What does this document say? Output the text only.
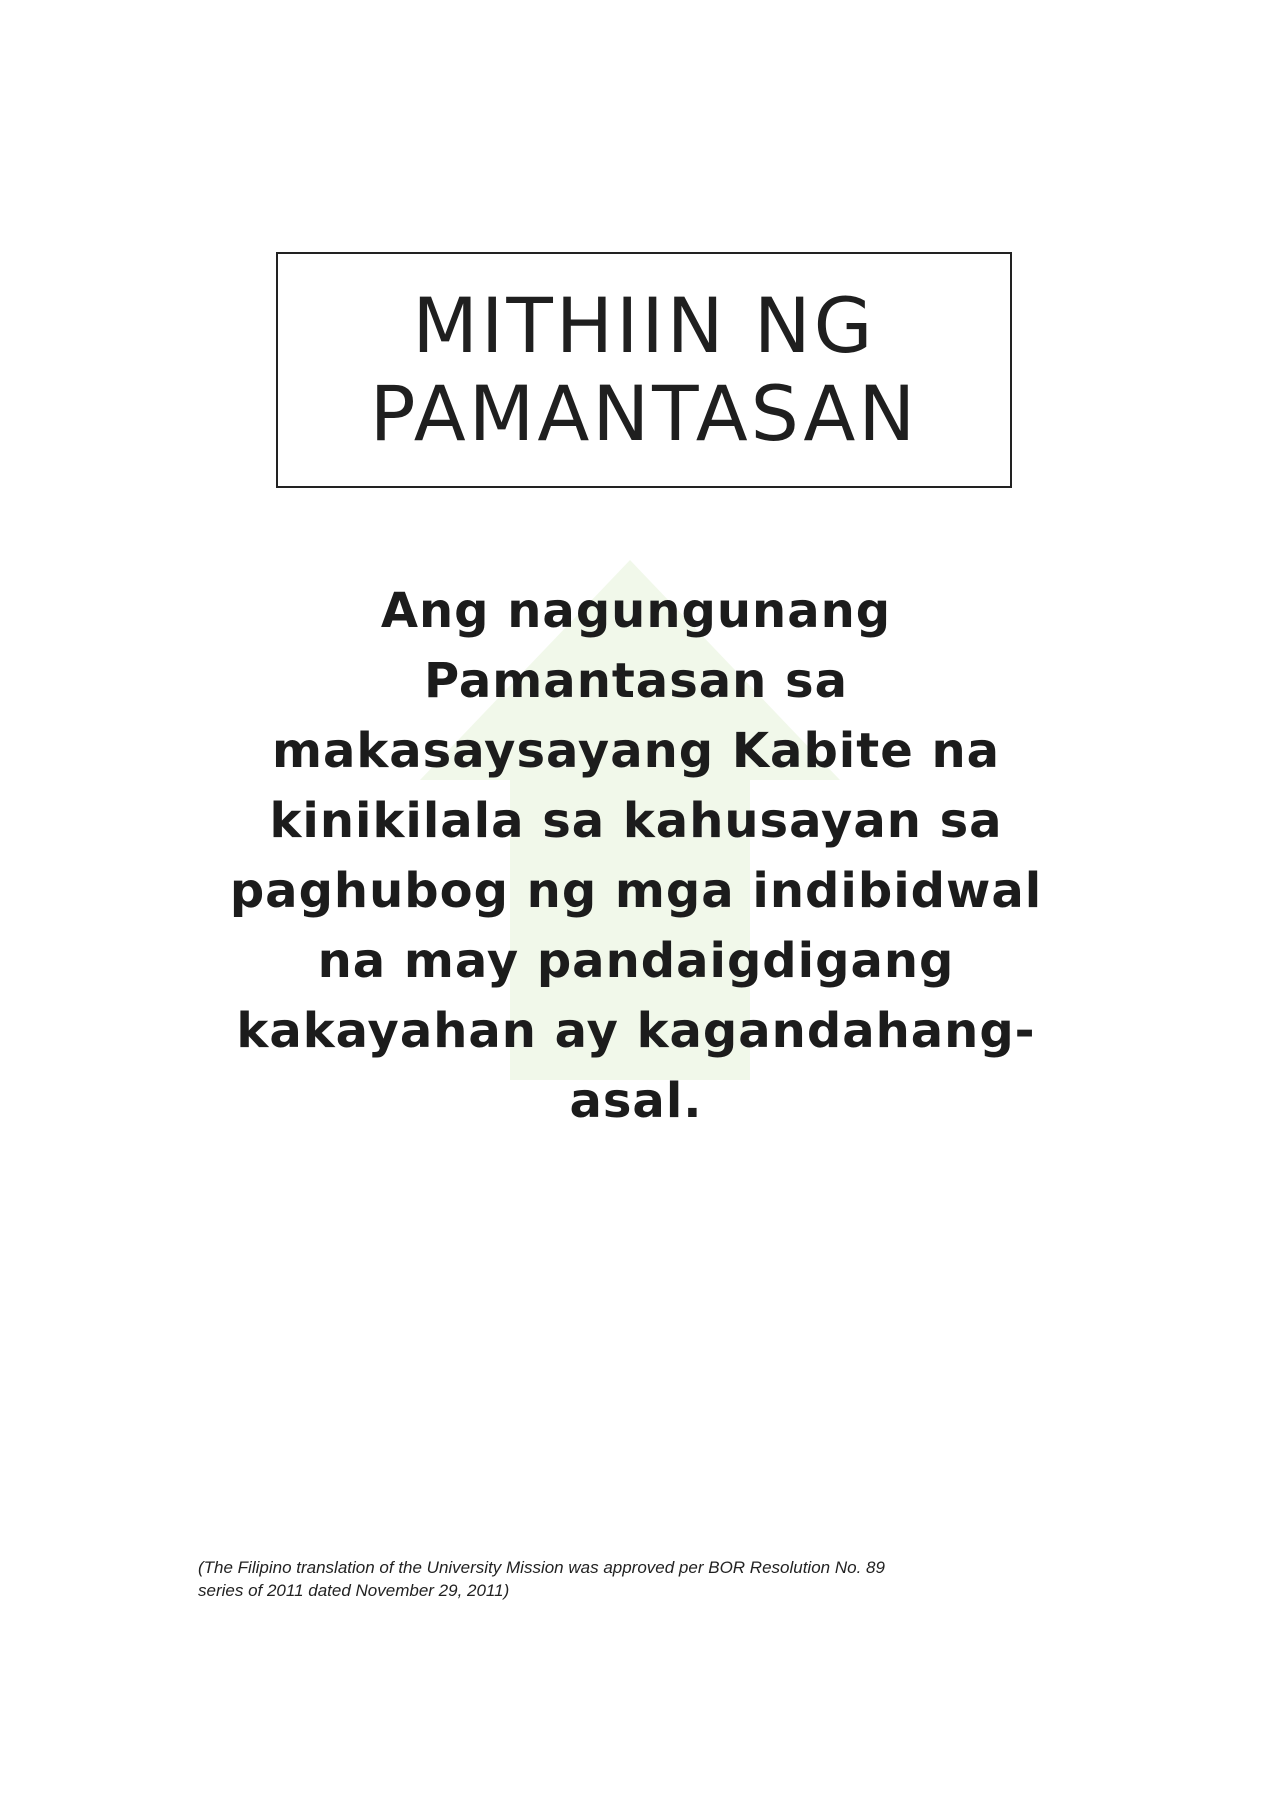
MITHIIN NG
PAMANTASAN
Ang nagungunang
Pamantasan sa
makasaysayang Kabite na
kinikilala sa kahusayan sa
paghubog ng mga indibidwal
na may pandaigdigang
kakayahan ay kagandahang-
asal.
(The Filipino translation of the University Mission was approved per BOR Resolution No. 89
series of 2011 dated November 29, 2011)
